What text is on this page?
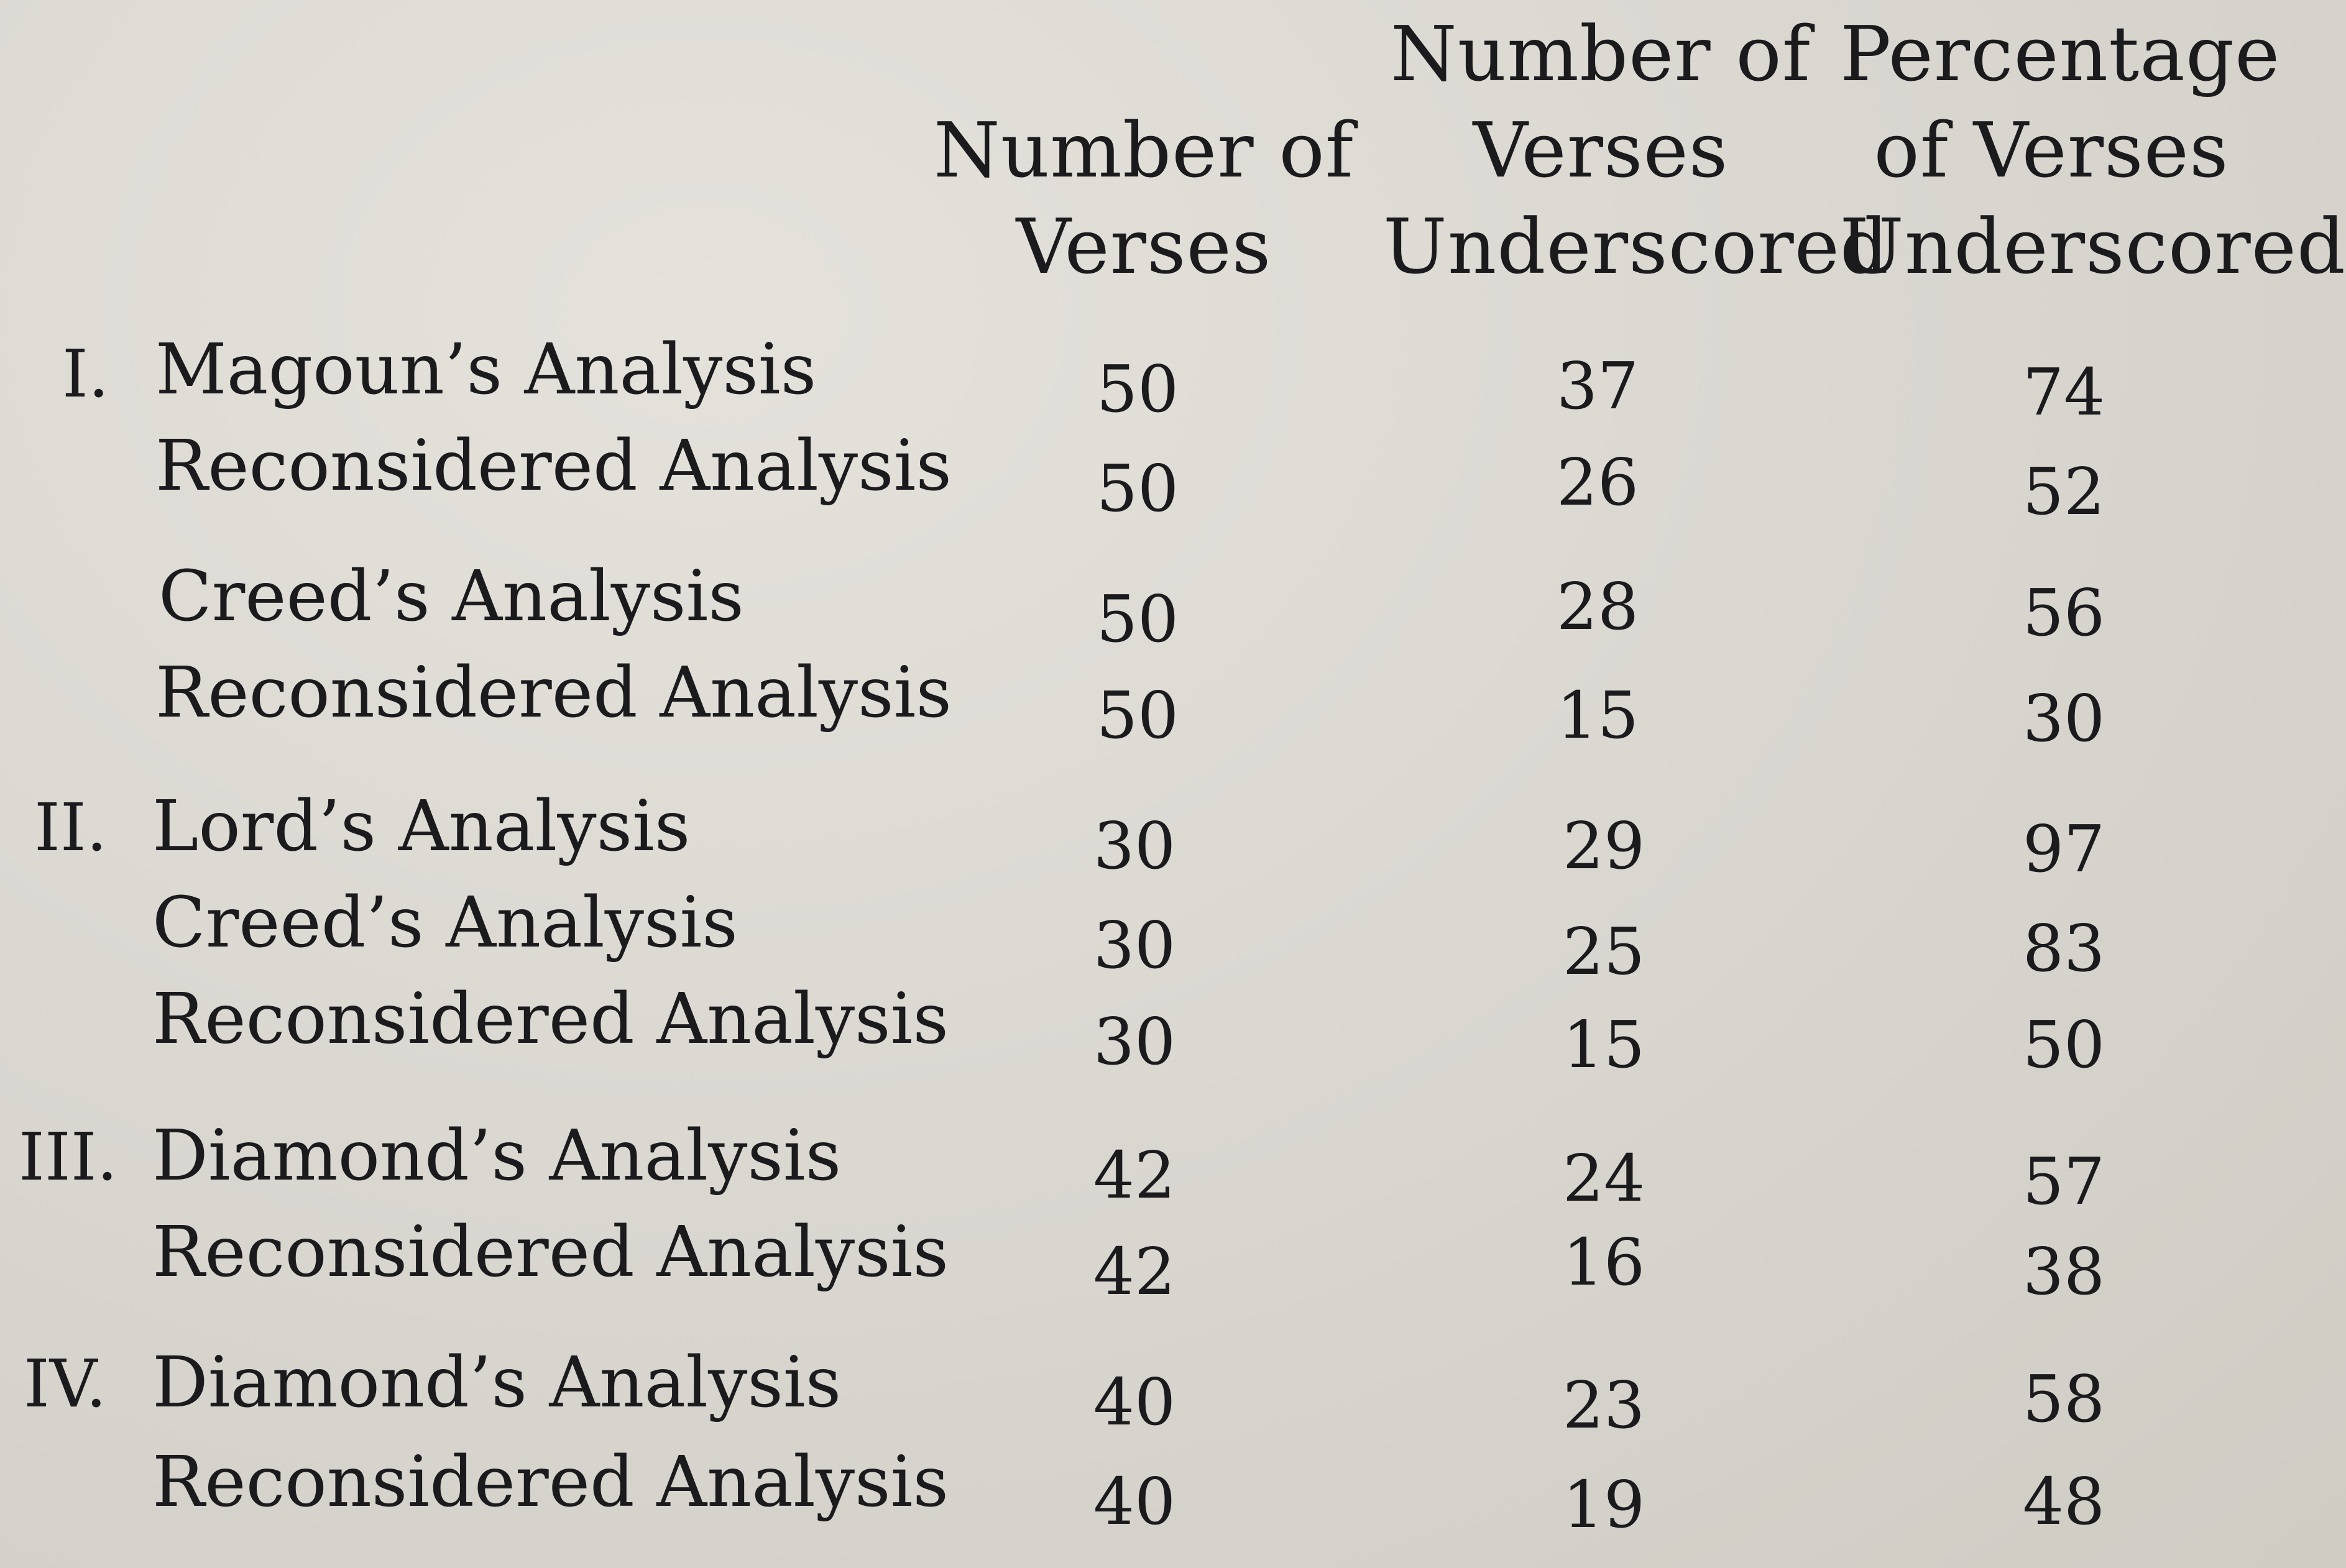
Number of
Verses
Number of
Verses
Underscored
Percentage
of Verses
Underscored
I.
II.
III.
IV.
Magoun’s Analysis
Reconsidered Analysis
Creed’s Analysis
Reconsidered Analysis
Lord’s Analysis
Creed’s Analysis
Reconsidered Analysis
Diamond’s Analysis
Reconsidered Analysis
Diamond’s Analysis
Reconsidered Analysis
50
50
50
50
30
30
30
42
42
40
40
37
26
28
15
29
25
15
24
16
23
19
74
52
56
30
97
83
50
57
38
58
48
